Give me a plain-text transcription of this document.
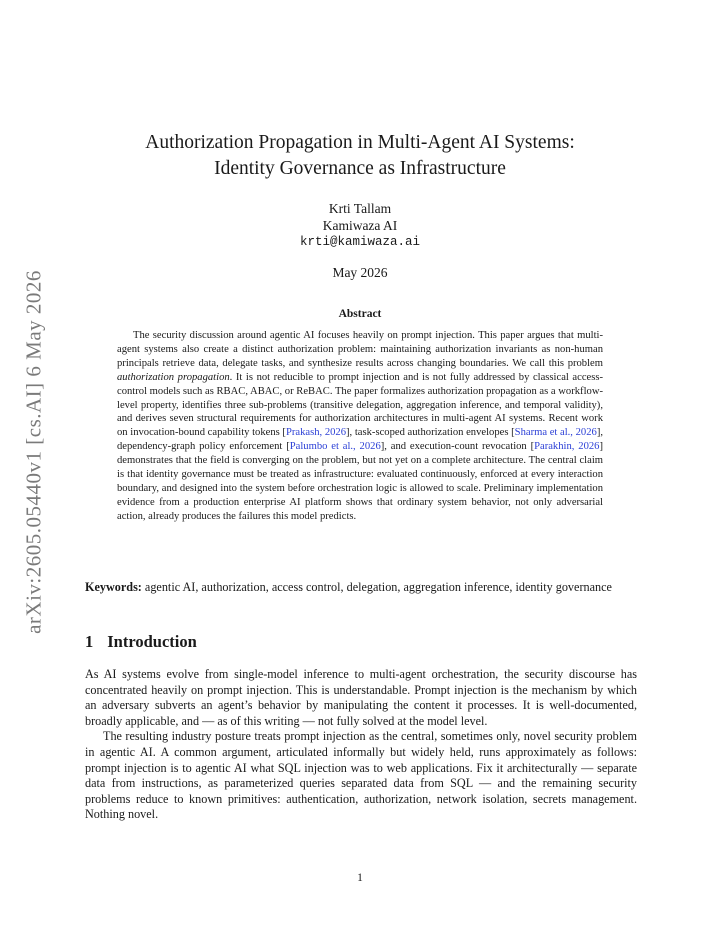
arXiv:2605.05440v1 [cs.AI] 6 May 2026
Authorization Propagation in Multi-Agent AI Systems:
Identity Governance as Infrastructure
Krti Tallam
Kamiwaza AI
krti@kamiwaza.ai
May 2026
Abstract

The security discussion around agentic AI focuses heavily on prompt injection. This paper argues that multi-agent systems also create a distinct authorization problem: maintaining authorization invariants as non-human principals retrieve data, delegate tasks, and synthesize results across changing boundaries. We call this problem authorization propagation. It is not reducible to prompt injection and is not fully addressed by classical access-control models such as RBAC, ABAC, or ReBAC. The paper formalizes authorization propagation as a workflow-level property, identifies three sub-problems (transitive delegation, aggregation inference, and temporal validity), and derives seven structural requirements for authorization architectures in multi-agent AI systems. Recent work on invocation-bound capability tokens [Prakash, 2026], task-scoped authorization envelopes [Sharma et al., 2026], dependency-graph policy enforcement [Palumbo et al., 2026], and execution-count revocation [Parakhin, 2026] demonstrates that the field is converging on the problem, but not yet on a complete architecture. The central claim is that identity governance must be treated as infrastructure: evaluated continuously, enforced at every interaction boundary, and designed into the system before orchestration logic is allowed to scale. Preliminary implementation evidence from a production enterprise AI platform shows that ordinary system behavior, not only adversarial action, already produces the failures this model predicts.

Keywords: agentic AI, authorization, access control, delegation, aggregation inference, identity governance
1 Introduction

As AI systems evolve from single-model inference to multi-agent orchestration, the security discourse has concentrated heavily on prompt injection. This is understandable. Prompt injection is the mechanism by which an adversary subverts an agent’s behavior by manipulating the content it processes. It is well-documented, broadly applicable, and — as of this writing — not fully solved at the model level.

The resulting industry posture treats prompt injection as the central, sometimes only, novel security problem in agentic AI. A common argument, articulated informally but widely held, runs approximately as follows: prompt injection is to agentic AI what SQL injection was to web applications. Fix it architecturally — separate data from instructions, as parameterized queries separated data from SQL — and the remaining security problems reduce to known primitives: authentication, authorization, network isolation, secrets management. Nothing novel.

1
